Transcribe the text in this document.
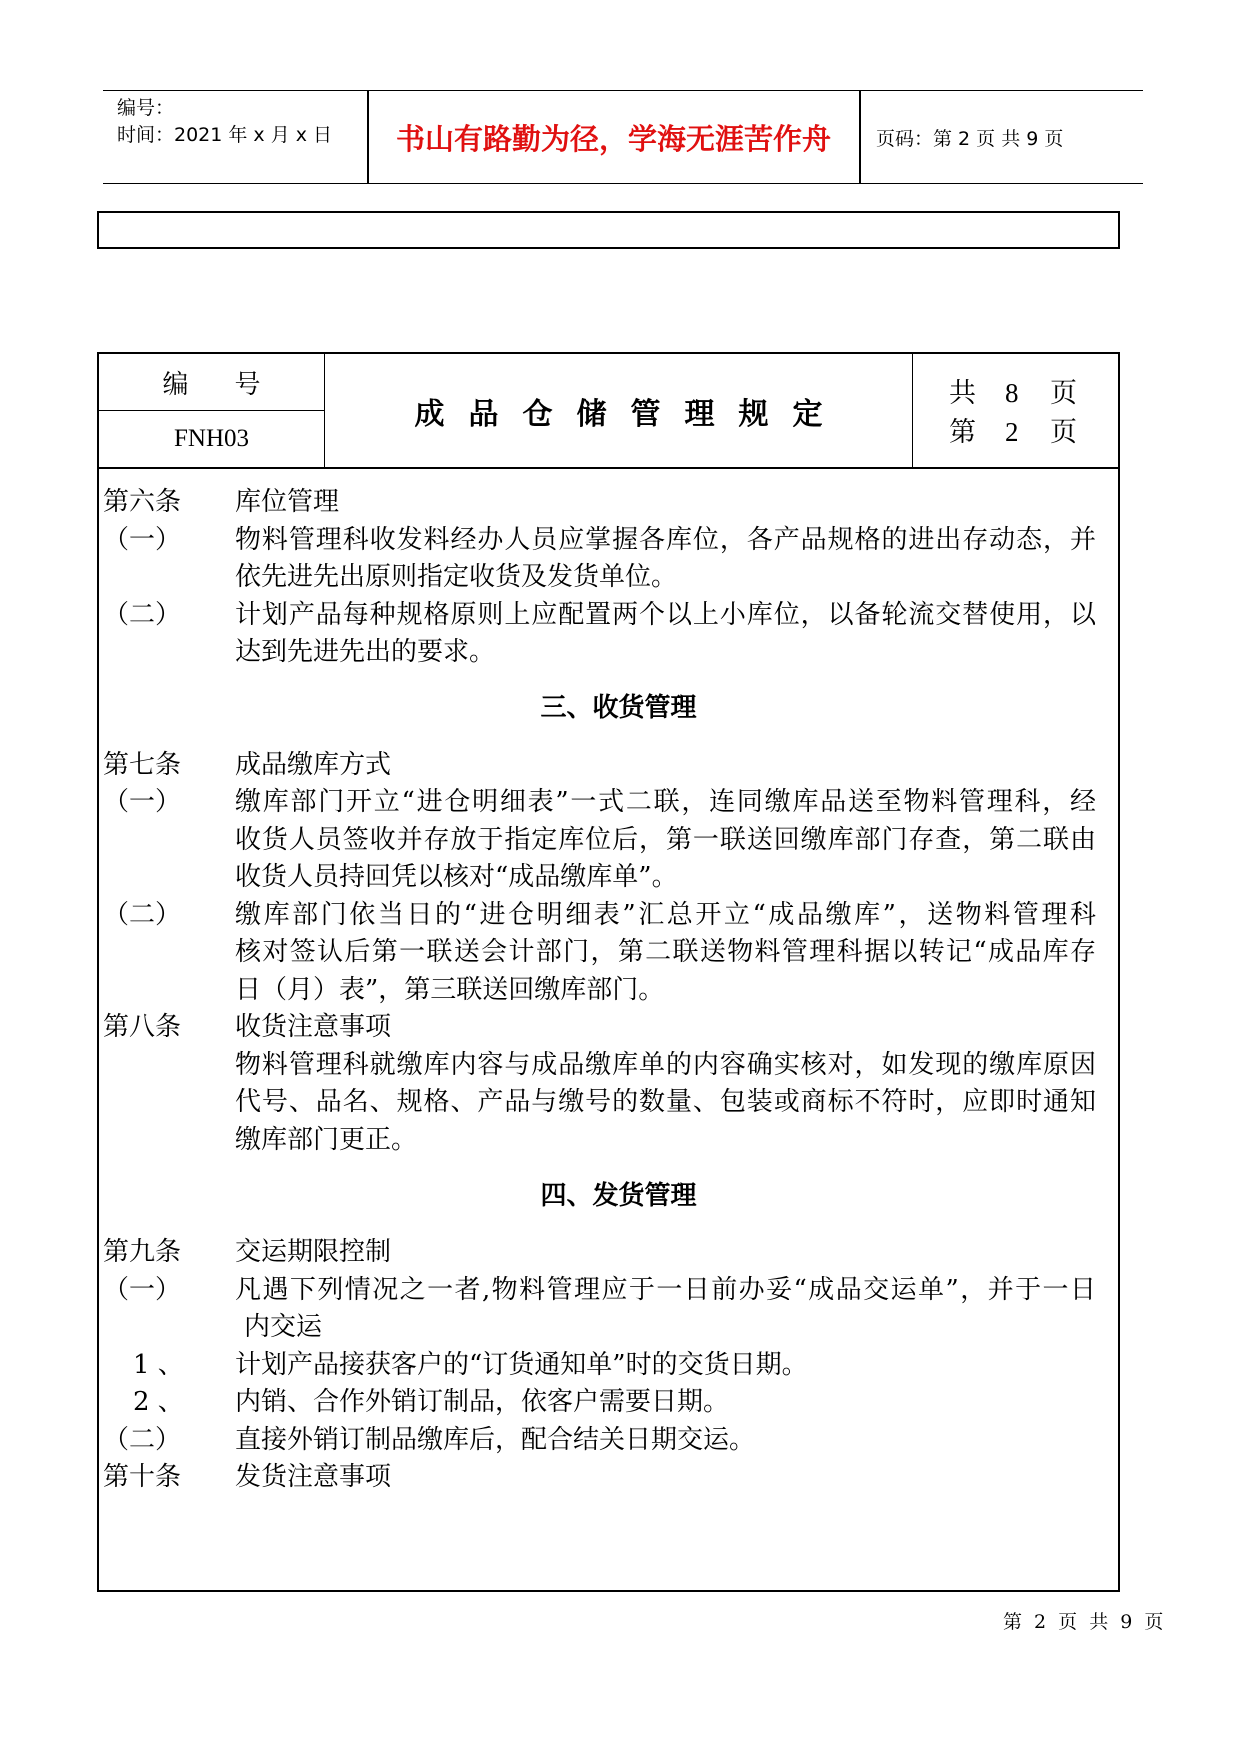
编号：
时间：2021 年 x 月 x 日	书山有路勤为径，学海无涯苦作舟	页码：第 2 页 共 9 页
编号
FNH03
成品仓储管理规定
共 8 页
第 2 页
第六条 库位管理
（一） 物料管理科收发料经办人员应掌握各库位，各产品规格的进出存动态，并
依先进先出原则指定收货及发货单位。
（二） 计划产品每种规格原则上应配置两个以上小库位，以备轮流交替使用，以
达到先进先出的要求。
三、收货管理
第七条 成品缴库方式
（一） 缴库部门开立“进仓明细表”一式二联，连同缴库品送至物料管理科，经
收货人员签收并存放于指定库位后，第一联送回缴库部门存查，第二联由
收货人员持回凭以核对“成品缴库单”。
（二） 缴库部门依当日的“进仓明细表”汇总开立“成品缴库”，送物料管理科
核对签认后第一联送会计部门，第二联送物料管理科据以转记“成品库存
日（月）表”，第三联送回缴库部门。
第八条 收货注意事项
物料管理科就缴库内容与成品缴库单的内容确实核对，如发现的缴库原因
代号、品名、规格、产品与缴号的数量、包装或商标不符时，应即时通知
缴库部门更正。
四、发货管理
第九条 交运期限控制
（一） 凡遇下列情况之一者,物料管理应于一日前办妥“成品交运单”，并于一日
内交运
1 、 计划产品接获客户的“订货通知单”时的交货日期。
2 、 内销、合作外销订制品，依客户需要日期。
（二） 直接外销订制品缴库后，配合结关日期交运。
第十条 发货注意事项
第 2 页 共 9 页
